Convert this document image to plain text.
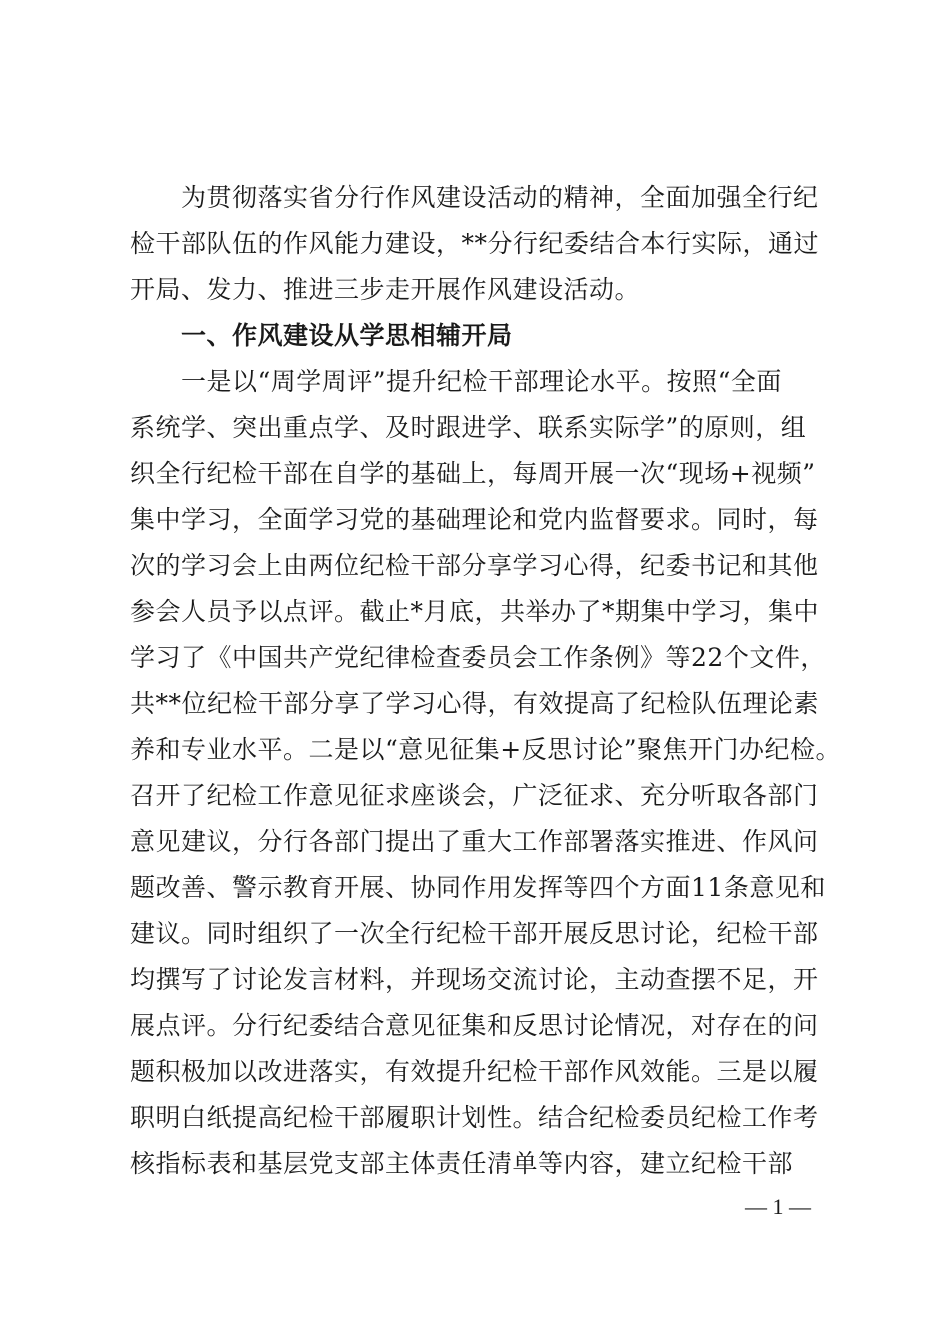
为贯彻落实省分行作风建设活动的精神，全面加强全行纪
检干部队伍的作风能力建设，**分行纪委结合本行实际，通过
开局、发力、推进三步走开展作风建设活动。
一、作风建设从学思相辅开局
一是以“周学周评”提升纪检干部理论水平。按照“全面
系统学、突出重点学、及时跟进学、联系实际学”的原则，组
织全行纪检干部在自学的基础上，每周开展一次“现场+视频”
集中学习，全面学习党的基础理论和党内监督要求。同时，每
次的学习会上由两位纪检干部分享学习心得，纪委书记和其他
参会人员予以点评。截止*月底，共举办了*期集中学习，集中
学习了《中国共产党纪律检查委员会工作条例》等22个文件，
共**位纪检干部分享了学习心得，有效提高了纪检队伍理论素
养和专业水平。二是以“意见征集+反思讨论”聚焦开门办纪检。
召开了纪检工作意见征求座谈会，广泛征求、充分听取各部门
意见建议，分行各部门提出了重大工作部署落实推进、作风问
题改善、警示教育开展、协同作用发挥等四个方面11条意见和
建议。同时组织了一次全行纪检干部开展反思讨论，纪检干部
均撰写了讨论发言材料，并现场交流讨论，主动查摆不足，开
展点评。分行纪委结合意见征集和反思讨论情况，对存在的问
题积极加以改进落实，有效提升纪检干部作风效能。三是以履
职明白纸提高纪检干部履职计划性。结合纪检委员纪检工作考
核指标表和基层党支部主体责任清单等内容，建立纪检干部
— 1 —
